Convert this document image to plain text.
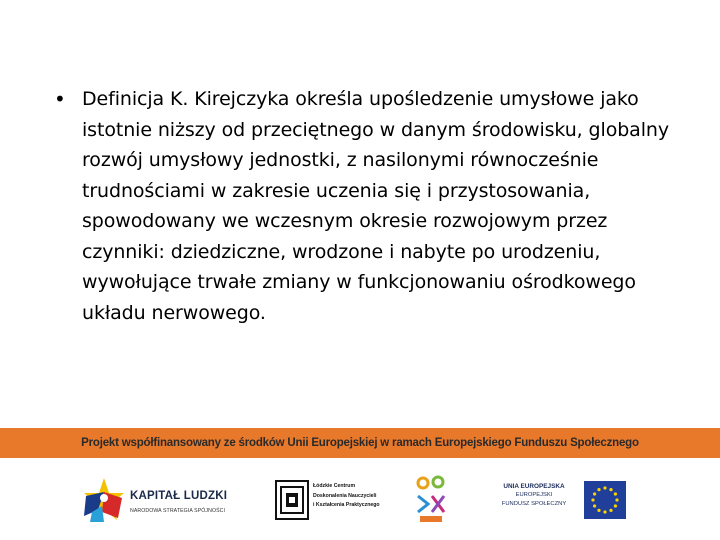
• Definicja K. Kirejczyka określa upośledzenie umysłowe jako istotnie niższy od przeciętnego w danym środowisku, globalny rozwój umysłowy jednostki, z nasilonymi równocześnie trudnościami w zakresie uczenia się i przystosowania, spowodowany we wczesnym okresie rozwojowym przez czynniki: dziedziczne, wrodzone i nabyte po urodzeniu, wywołujące trwałe zmiany w funkcjonowaniu ośrodkowego układu nerwowego.
Projekt współfinansowany ze środków Unii Europejskiej w ramach Europejskiego Funduszu Społecznego
KAPITAŁ LUDZKI
NARODOWA STRATEGIA SPÓJNOŚCI
Łódzkie Centrum
Doskonalenia Nauczycieli
i Kształcenia Praktycznego
UNIA EUROPEJSKA
EUROPEJSKI
FUNDUSZ SPOŁECZNY
